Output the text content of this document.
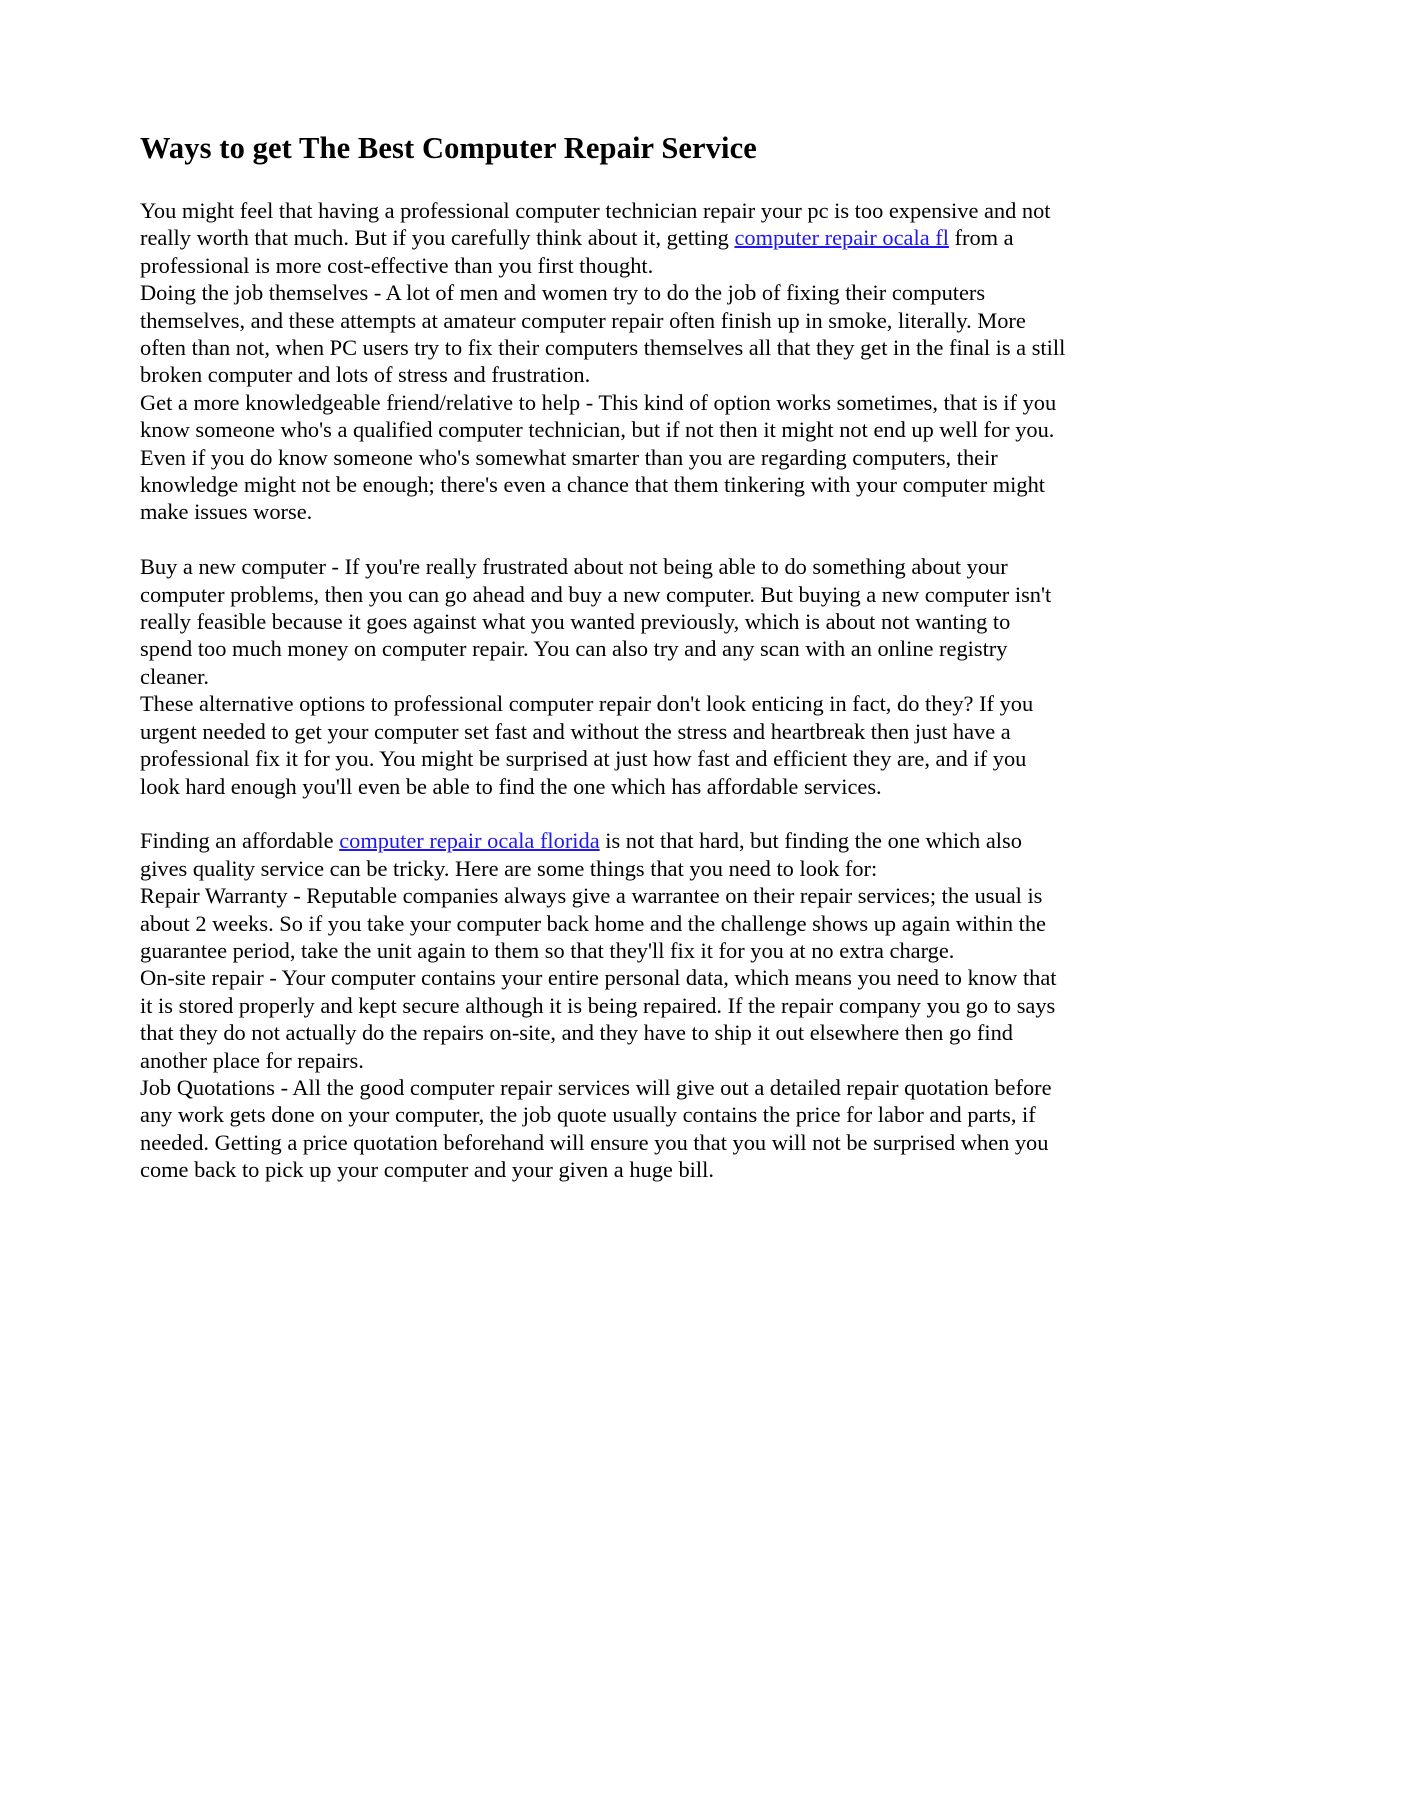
Ways to get The Best Computer Repair Service
You might feel that having a professional computer technician repair your pc is too expensive and not really worth that much. But if you carefully think about it, getting computer repair ocala fl from a professional is more cost-effective than you first thought.
Doing the job themselves - A lot of men and women try to do the job of fixing their computers themselves, and these attempts at amateur computer repair often finish up in smoke, literally. More often than not, when PC users try to fix their computers themselves all that they get in the final is a still broken computer and lots of stress and frustration.
Get a more knowledgeable friend/relative to help - This kind of option works sometimes, that is if you know someone who's a qualified computer technician, but if not then it might not end up well for you. Even if you do know someone who's somewhat smarter than you are regarding computers, their knowledge might not be enough; there's even a chance that them tinkering with your computer might make issues worse.

Buy a new computer - If you're really frustrated about not being able to do something about your computer problems, then you can go ahead and buy a new computer. But buying a new computer isn't really feasible because it goes against what you wanted previously, which is about not wanting to spend too much money on computer repair. You can also try and any scan with an online registry cleaner.
These alternative options to professional computer repair don't look enticing in fact, do they? If you urgent needed to get your computer set fast and without the stress and heartbreak then just have a professional fix it for you. You might be surprised at just how fast and efficient they are, and if you look hard enough you'll even be able to find the one which has affordable services.

Finding an affordable computer repair ocala florida is not that hard, but finding the one which also gives quality service can be tricky. Here are some things that you need to look for:
Repair Warranty - Reputable companies always give a warrantee on their repair services; the usual is about 2 weeks. So if you take your computer back home and the challenge shows up again within the guarantee period, take the unit again to them so that they'll fix it for you at no extra charge.
On-site repair - Your computer contains your entire personal data, which means you need to know that it is stored properly and kept secure although it is being repaired. If the repair company you go to says that they do not actually do the repairs on-site, and they have to ship it out elsewhere then go find another place for repairs.
Job Quotations - All the good computer repair services will give out a detailed repair quotation before any work gets done on your computer, the job quote usually contains the price for labor and parts, if needed. Getting a price quotation beforehand will ensure you that you will not be surprised when you come back to pick up your computer and your given a huge bill.
